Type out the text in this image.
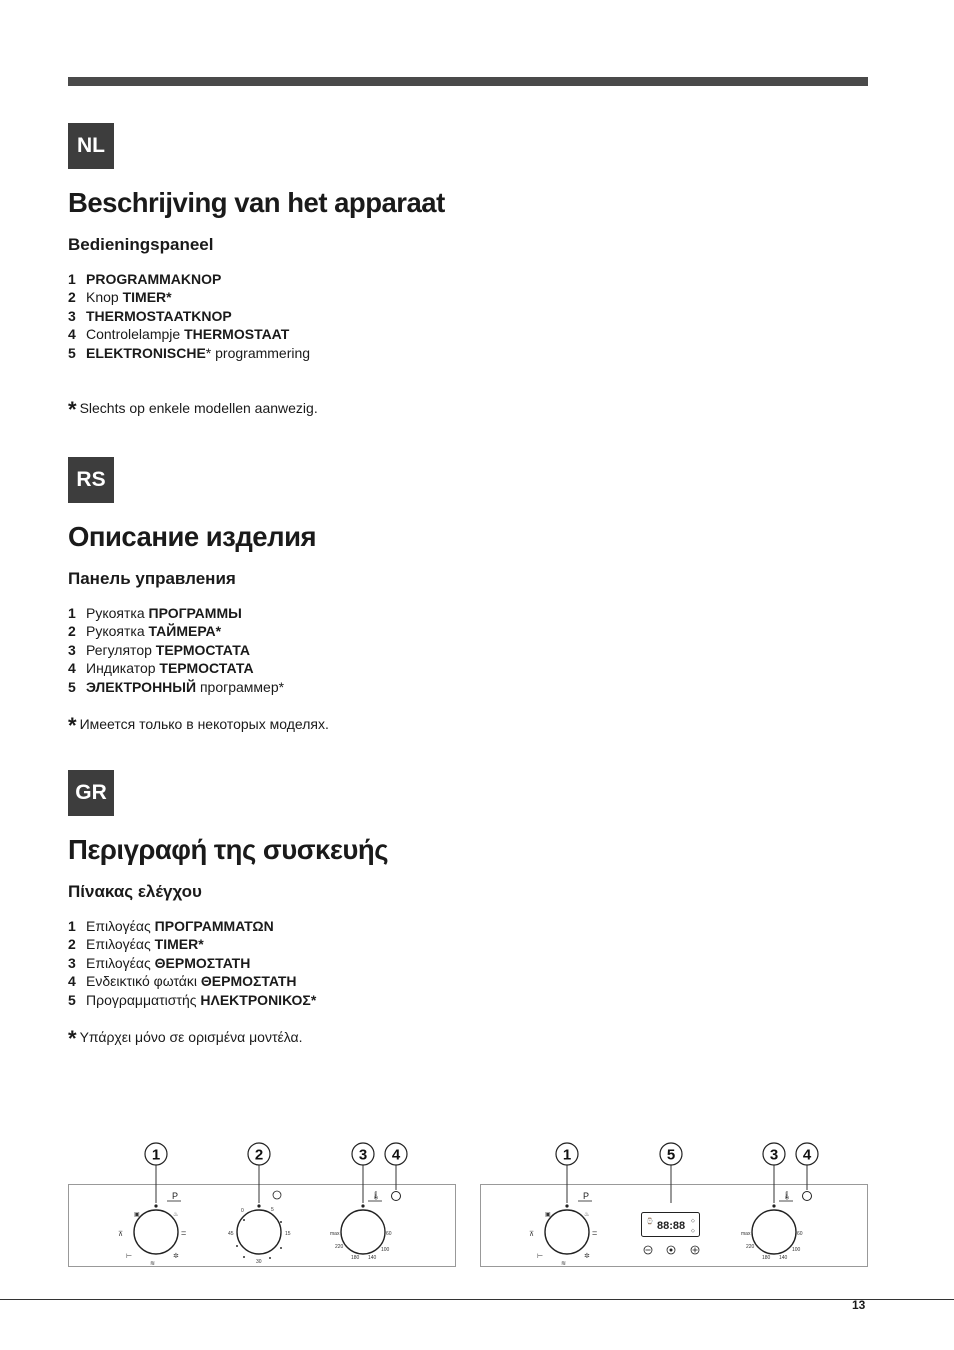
NL
Beschrijving van het apparaat
Bedieningspaneel
1 PROGRAMMAKNOP
2 Knop TIMER*
3 THERMOSTAATKNOP
4 Controlelampje THERMOSTAAT
5 ELEKTRONISCHE* programmering
* Slechts op enkele modellen aanwezig.
RS
Описание изделия
Панель управления
1 Рукоятка ПРОГРАММЫ
2 Рукоятка ТАЙМЕРА*
3 Регулятор ТЕРМОСТАТА
4 Индикатор ТЕРМОСТАТА
5 ЭЛЕКТРОННЫЙ программер*
* Имеется только в некоторых моделях.
GR
Περιγραφή της συσκευής
Πίνακας ελέγχου
1 Επιλογέας ΠΡΟΓΡΑΜΜΑΤΩΝ
2 Επιλογέας TIMER*
3 Επιλογέας ΘΕΡΜΟΣΤΑΤΗ
4 Ενδεικτικό φωτάκι ΘΕΡΜΟΣΤΑΤΗ
5 Προγραμματιστής ΗΛΕΚΤΡΟΝΙΚΟΣ*
* Υπάρχει μόνο σε ορισμένα μοντέλα.
1	2	3 4
P
▣	♨
⊼	=
⊢	✲
≋
0	5
15
30
45
🌡
60
100
140
180
220
max
1	5	3 4
P
▣	♨
⊼	=
⊢	✲
≋
⌚ 88:88 ◇
◇
🌡
60
100
140
180
220
max
13
